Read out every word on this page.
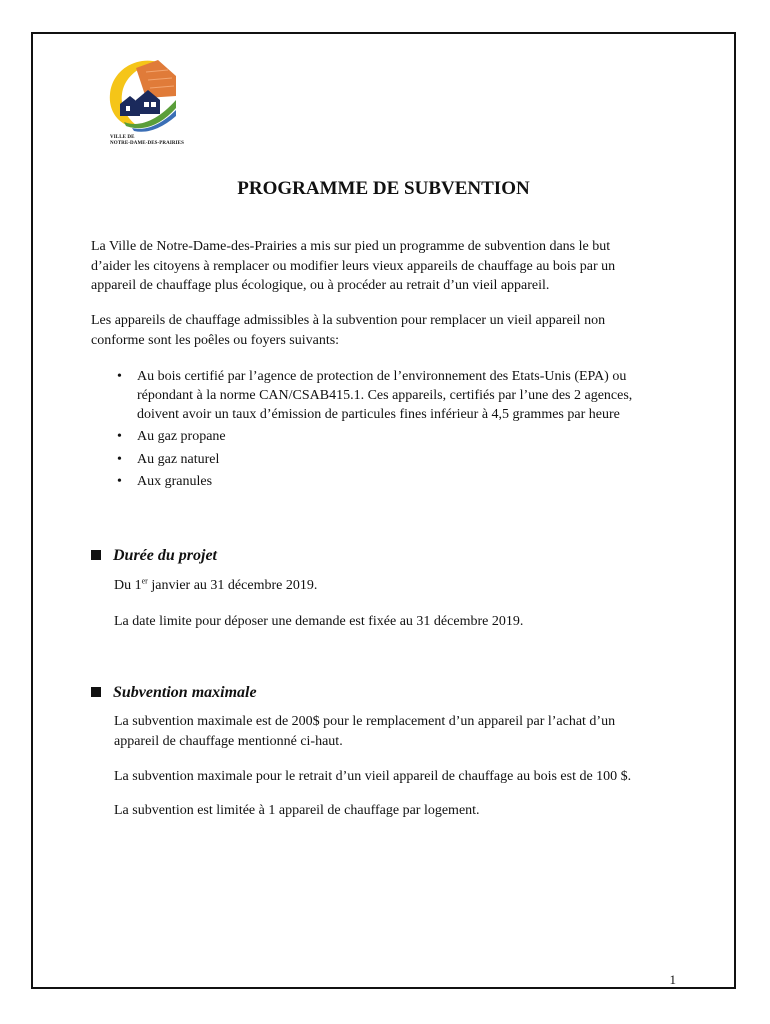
VILLE DE
NOTRE-DAME-DES-PRAIRIES
PROGRAMME DE SUBVENTION
La Ville de Notre-Dame-des-Prairies a mis sur pied un programme de subvention dans le but
d’aider les citoyens à remplacer ou modifier leurs vieux appareils de chauffage au bois par un
appareil de chauffage plus écologique, ou à procéder au retrait d’un vieil appareil.
Les appareils de chauffage admissibles à la subvention pour remplacer un vieil appareil non
conforme sont les poêles ou foyers suivants:
• Au bois certifié par l’agence de protection de l’environnement des Etats-Unis (EPA) ou
répondant à la norme CAN/CSAB415.1. Ces appareils, certifiés par l’une des 2 agences,
doivent avoir un taux d’émission de particules fines inférieur à 4,5 grammes par heure
• Au gaz propane
• Au gaz naturel
• Aux granules
Durée du projet
Du 1er janvier au 31 décembre 2019.
La date limite pour déposer une demande est fixée au 31 décembre 2019.
Subvention maximale
La subvention maximale est de 200$ pour le remplacement d’un appareil par l’achat d’un
appareil de chauffage mentionné ci-haut.
La subvention maximale pour le retrait d’un vieil appareil de chauffage au bois est de 100 $.
La subvention est limitée à 1 appareil de chauffage par logement.
1
